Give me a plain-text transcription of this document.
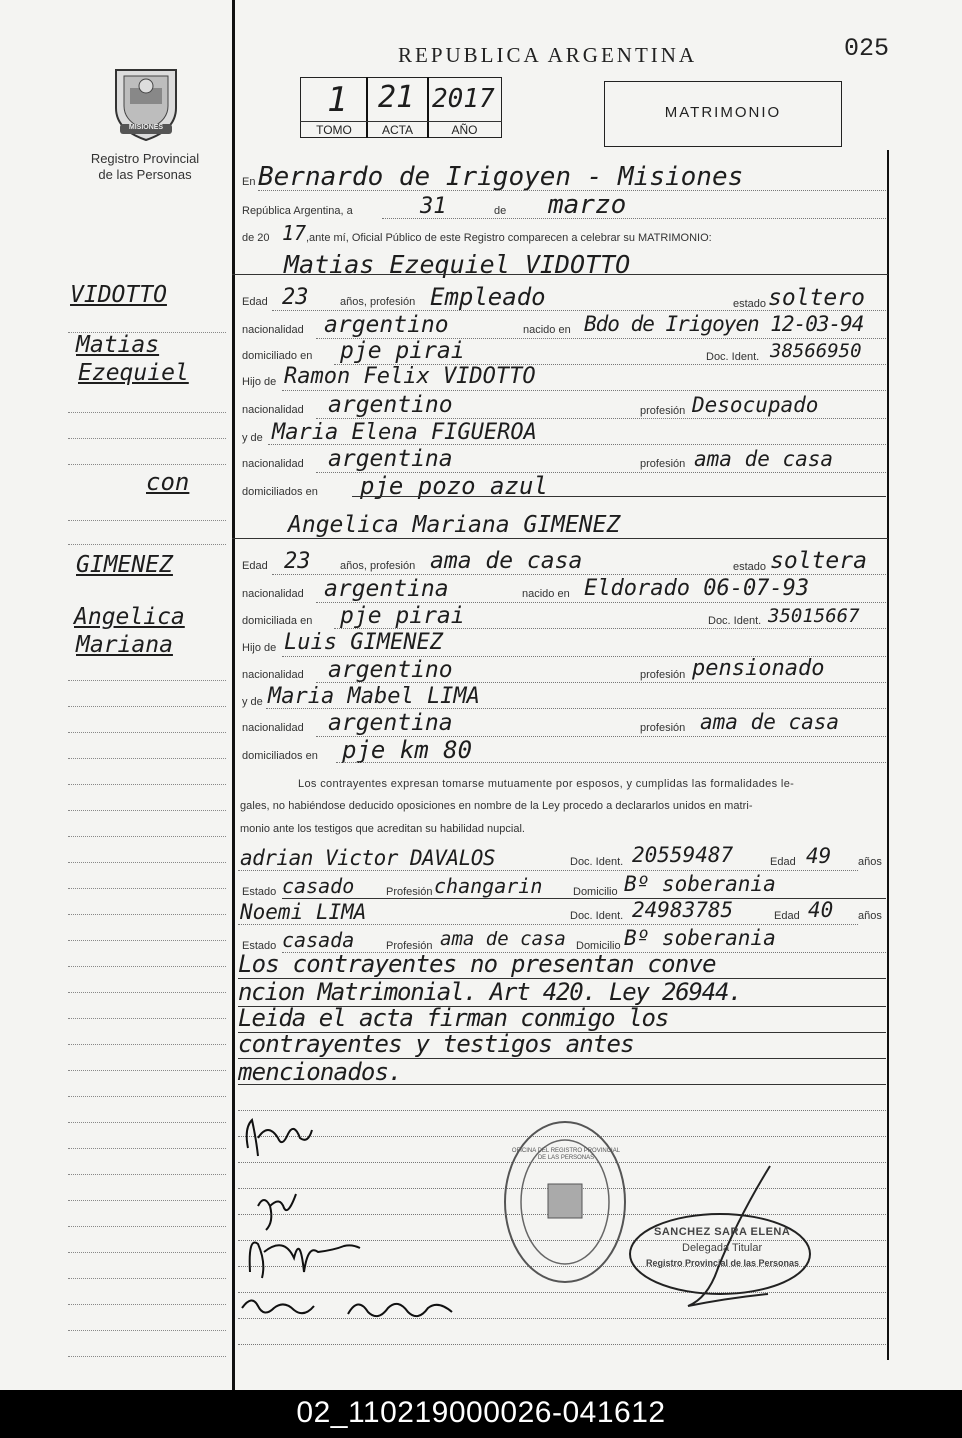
MISIONES
Registro Provincial
de las Personas
REPUBLICA ARGENTINA	025
1 21 2017
TOMO	ACTA	AÑO
MATRIMONIO
VIDOTTO
Matias
Ezequiel
con
GIMENEZ
Angelica
Mariana
En Bernardo de Irigoyen - Misiones
República Argentina, a	31	de marzo
de 20 17 ,ante mí, Oficial Público de este Registro comparecen a celebrar su MATRIMONIO:
Matias Ezequiel VIDOTTO
Edad 23	años, profesión Empleado	estado soltero
nacionalidad argentino	nacido en Bdo de Irigoyen 12-03-94
domiciliado en pje pirai	Doc. Ident. 38566950
Hijo de Ramon Felix VIDOTTO
nacionalidad argentino	profesión Desocupado
y de Maria Elena FIGUEROA
nacionalidad argentina	profesión ama de casa
domiciliados en pje pozo azul
Angelica Mariana GIMENEZ
Edad 23	años, profesión ama de casa	estado soltera
nacionalidad argentina	nacido en Eldorado 06-07-93
domiciliada en pje pirai	Doc. Ident. 35015667
Hijo de Luis GIMENEZ
nacionalidad argentino	profesión pensionado
y de Maria Mabel LIMA
nacionalidad argentina	profesión ama de casa
domiciliados en pje km 80
Los contrayentes expresan tomarse mutuamente por esposos, y cumplidas las formalidades le-
gales, no habiéndose deducido oposiciones en nombre de la Ley procedo a declararlos unidos en matri-
monio ante los testigos que acreditan su habilidad nupcial.
adrian Victor DAVALOS	Doc. Ident. 20559487	Edad 49 años
Estado casado	Profesión changarin	Domicilio Bº soberania
Noemi LIMA	Doc. Ident. 24983785	Edad 40 años
Estado casada	Profesión ama de casa Domicilio Bº soberania
Los contrayentes no presentan conve
ncion Matrimonial. Art 420. Ley 26944.
Leida el acta firman conmigo los
contrayentes y testigos antes
mencionados.
OFICINA DEL REGISTRO PROVINCIAL DE LAS PERSONAS
SANCHEZ SARA ELENA
Delegada Titular
Registro Provincial de las Personas
02_110219000026-041612
